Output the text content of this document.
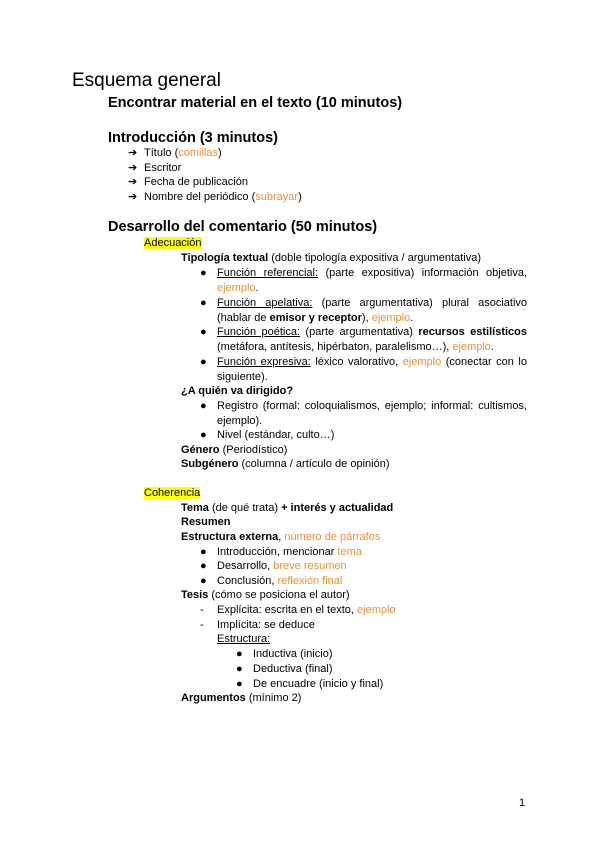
Esquema general
Encontrar material en el texto (10 minutos)
Introducción (3 minutos)
➔ Título (comillas)
➔ Escritor
➔ Fecha de publicación
➔ Nombre del periódico (subrayar)
Desarrollo del comentario (50 minutos)
Adecuación
Tipología textual (doble tipología expositiva / argumentativa)
● Función referencial: (parte expositiva) información objetiva,
ejemplo.
● Función apelativa: (parte argumentativa) plural asociativo
(hablar de emisor y receptor), ejemplo.
● Función poética: (parte argumentativa) recursos estilísticos
(metáfora, antítesis, hipérbaton, paralelismo…), ejemplo.
● Función expresiva: léxico valorativo, ejemplo (conectar con lo
siguiente).
¿A quién va dirigido?
● Registro (formal: coloquialismos, ejemplo; informal: cultismos,
ejemplo).
● Nivel (estándar, culto…)
Género (Periodístico)
Subgénero (columna / artículo de opinión)
Coherencia
Tema (de qué trata) + interés y actualidad
Resumen
Estructura externa, número de párrafos
● Introducción, mencionar tema
● Desarrollo, breve resumen
● Conclusión, reflexión final
Tesis (cómo se posiciona el autor)
- Explícita: escrita en el texto, ejemplo
- Implícita: se deduce
Estructura:
● Inductiva (inicio)
● Deductiva (final)
● De encuadre (inicio y final)
Argumentos (mínimo 2)
1
